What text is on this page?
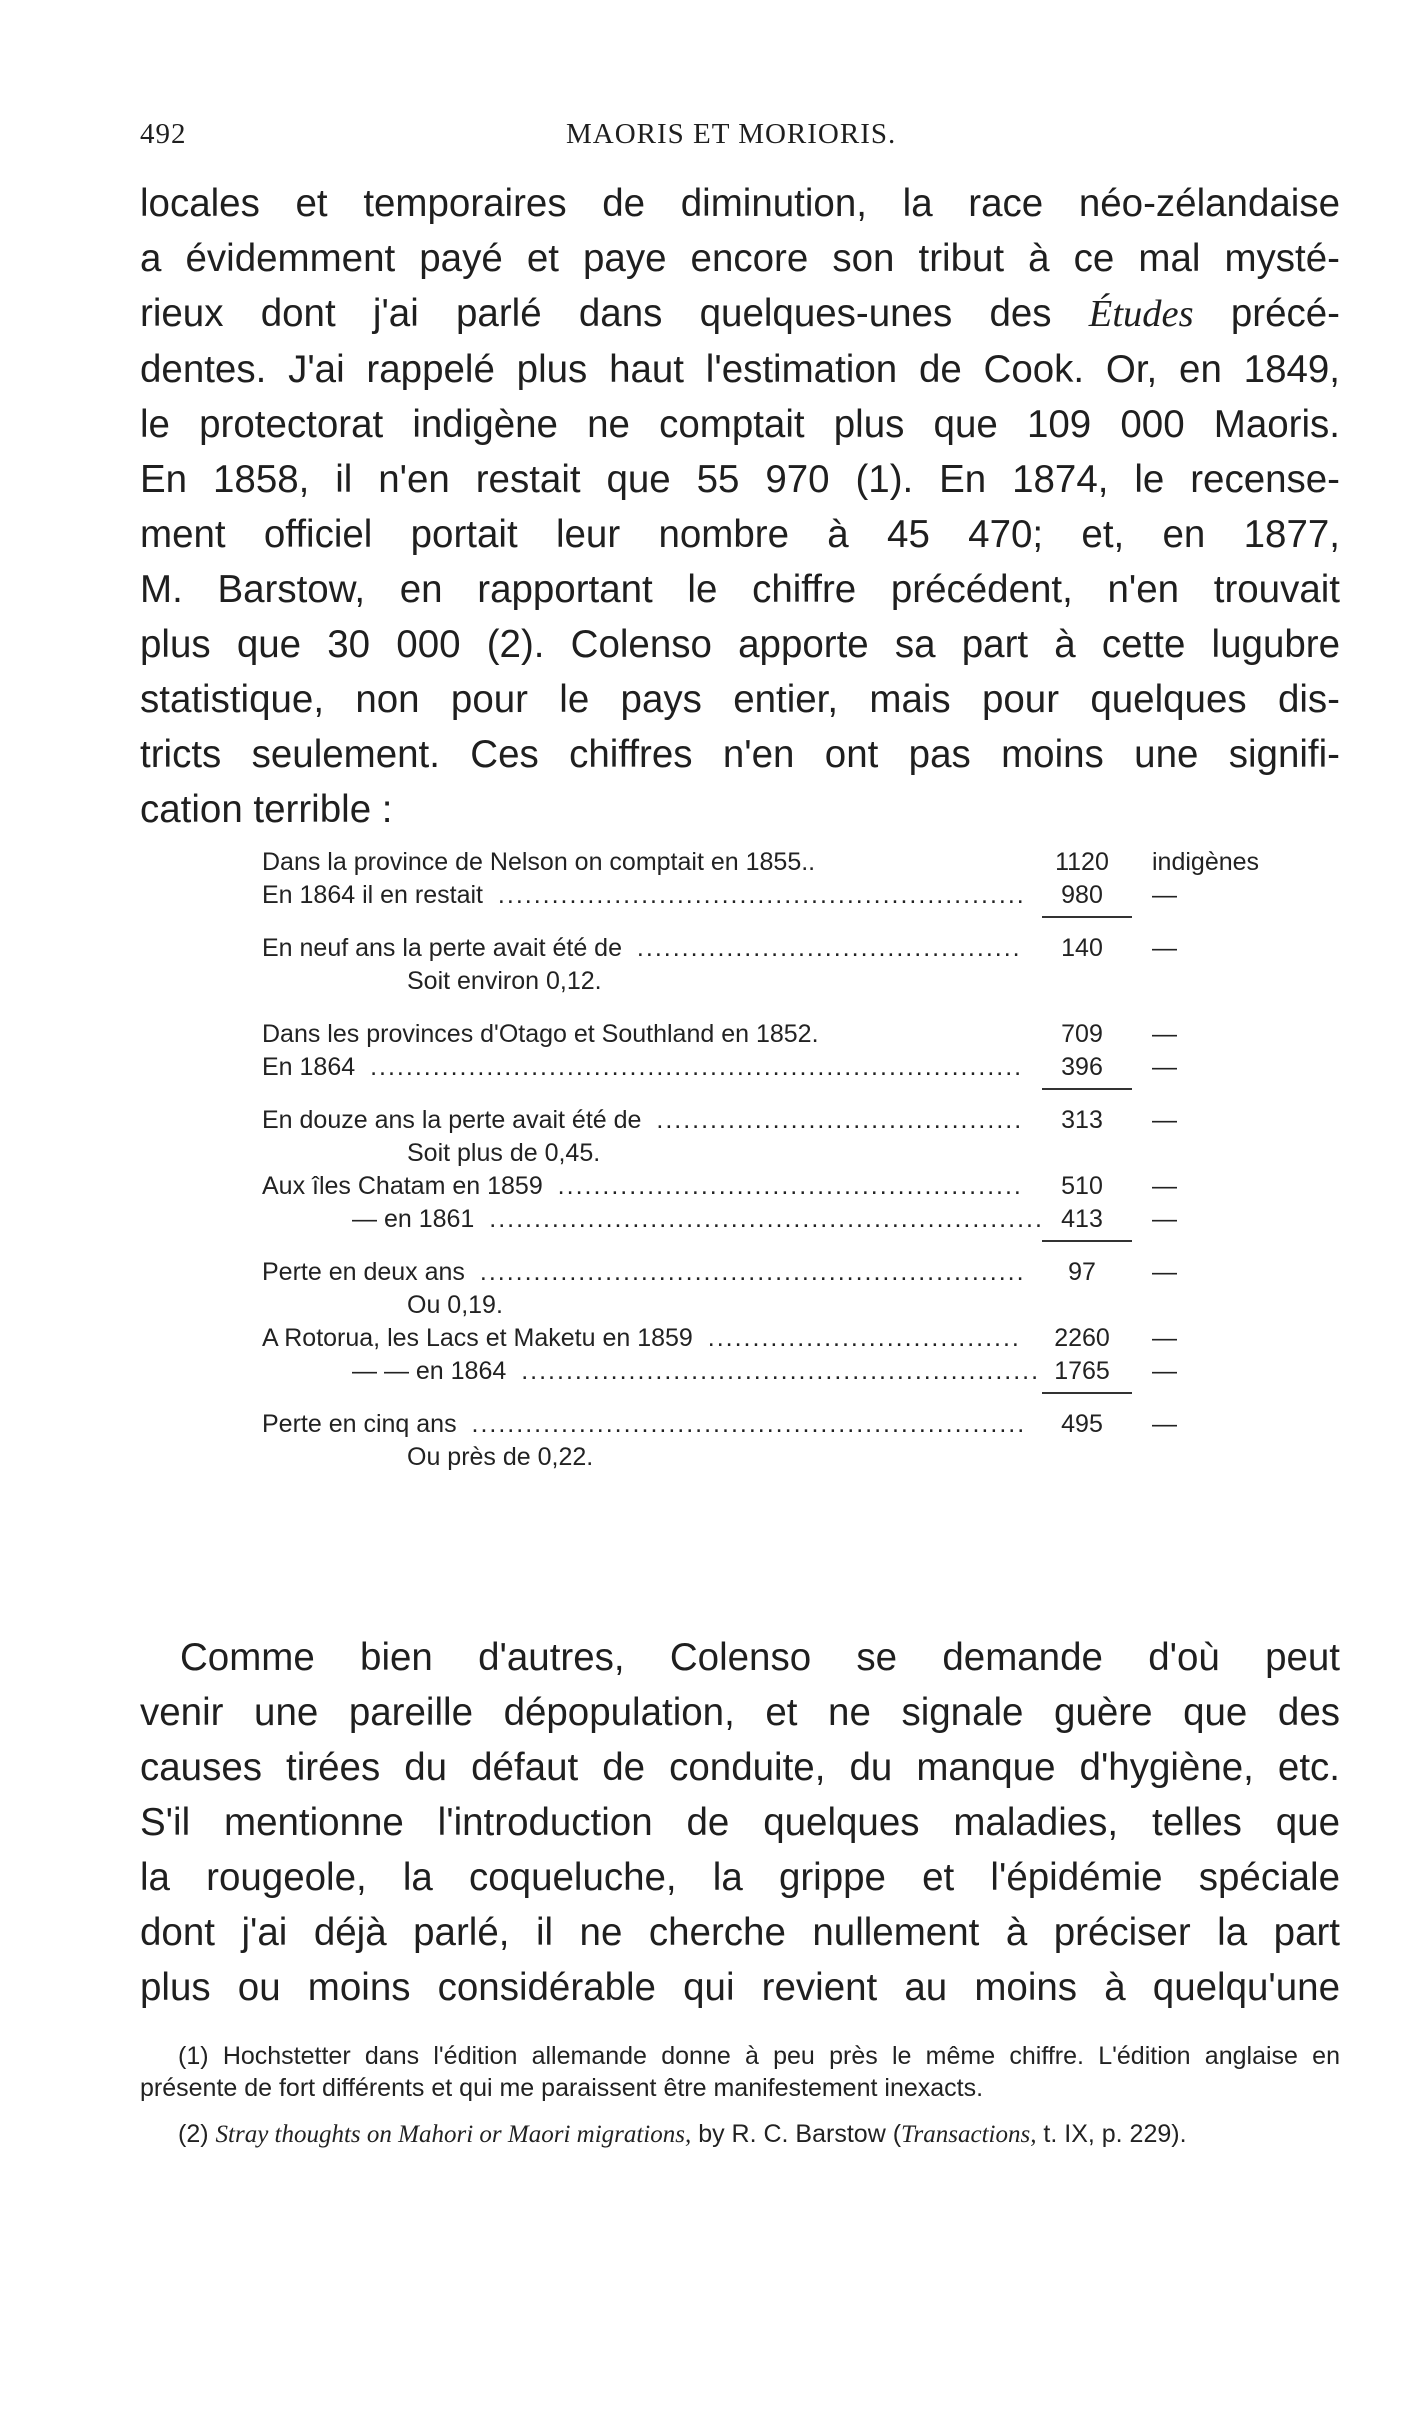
492	MAORIS ET MORIORIS.
locales et temporaires de diminution, la race néo-zélandaise
a évidemment payé et paye encore son tribut à ce mal mysté-
rieux dont j'ai parlé dans quelques-unes des Études précé-
dentes. J'ai rappelé plus haut l'estimation de Cook. Or, en 1849,
le protectorat indigène ne comptait plus que 109 000 Maoris.
En 1858, il n'en restait que 55 970 (1). En 1874, le recense-
ment officiel portait leur nombre à 45 470; et, en 1877,
M. Barstow, en rapportant le chiffre précédent, n'en trouvait
plus que 30 000 (2). Colenso apporte sa part à cette lugubre
statistique, non pour le pays entier, mais pour quelques dis-
tricts seulement. Ces chiffres n'en ont pas moins une signifi-
cation terrible :
Dans la province de Nelson on comptait en 1855..	1120	indigènes
En 1864 il en restait .....	980	—
En neuf ans la perte avait été de .....	140	—
Soit environ 0,12.
Dans les provinces d'Otago et Southland en 1852.	709	—
En 1864 .....	396	—
En douze ans la perte avait été de .....	313	—
Soit plus de 0,45.
Aux îles Chatam en 1859 .....	510	—
— en 1861 .....	413	—
Perte en deux ans .....	97	—
Ou 0,19.
A Rotorua, les Lacs et Maketu en 1859 .....	2260	—
— — en 1864 .....	1765	—
Perte en cinq ans .....	495	—
Ou près de 0,22.
Comme bien d'autres, Colenso se demande d'où peut
venir une pareille dépopulation, et ne signale guère que des
causes tirées du défaut de conduite, du manque d'hygiène, etc.
S'il mentionne l'introduction de quelques maladies, telles que
la rougeole, la coqueluche, la grippe et l'épidémie spéciale
dont j'ai déjà parlé, il ne cherche nullement à préciser la part
plus ou moins considérable qui revient au moins à quelqu'une

(1) Hochstetter dans l'édition allemande donne à peu près le même chiffre. L'édition anglaise en présente de fort différents et qui me paraissent être manifestement inexacts.

(2) Stray thoughts on Mahori or Maori migrations, by R. C. Barstow (Transactions, t. IX, p. 229).
